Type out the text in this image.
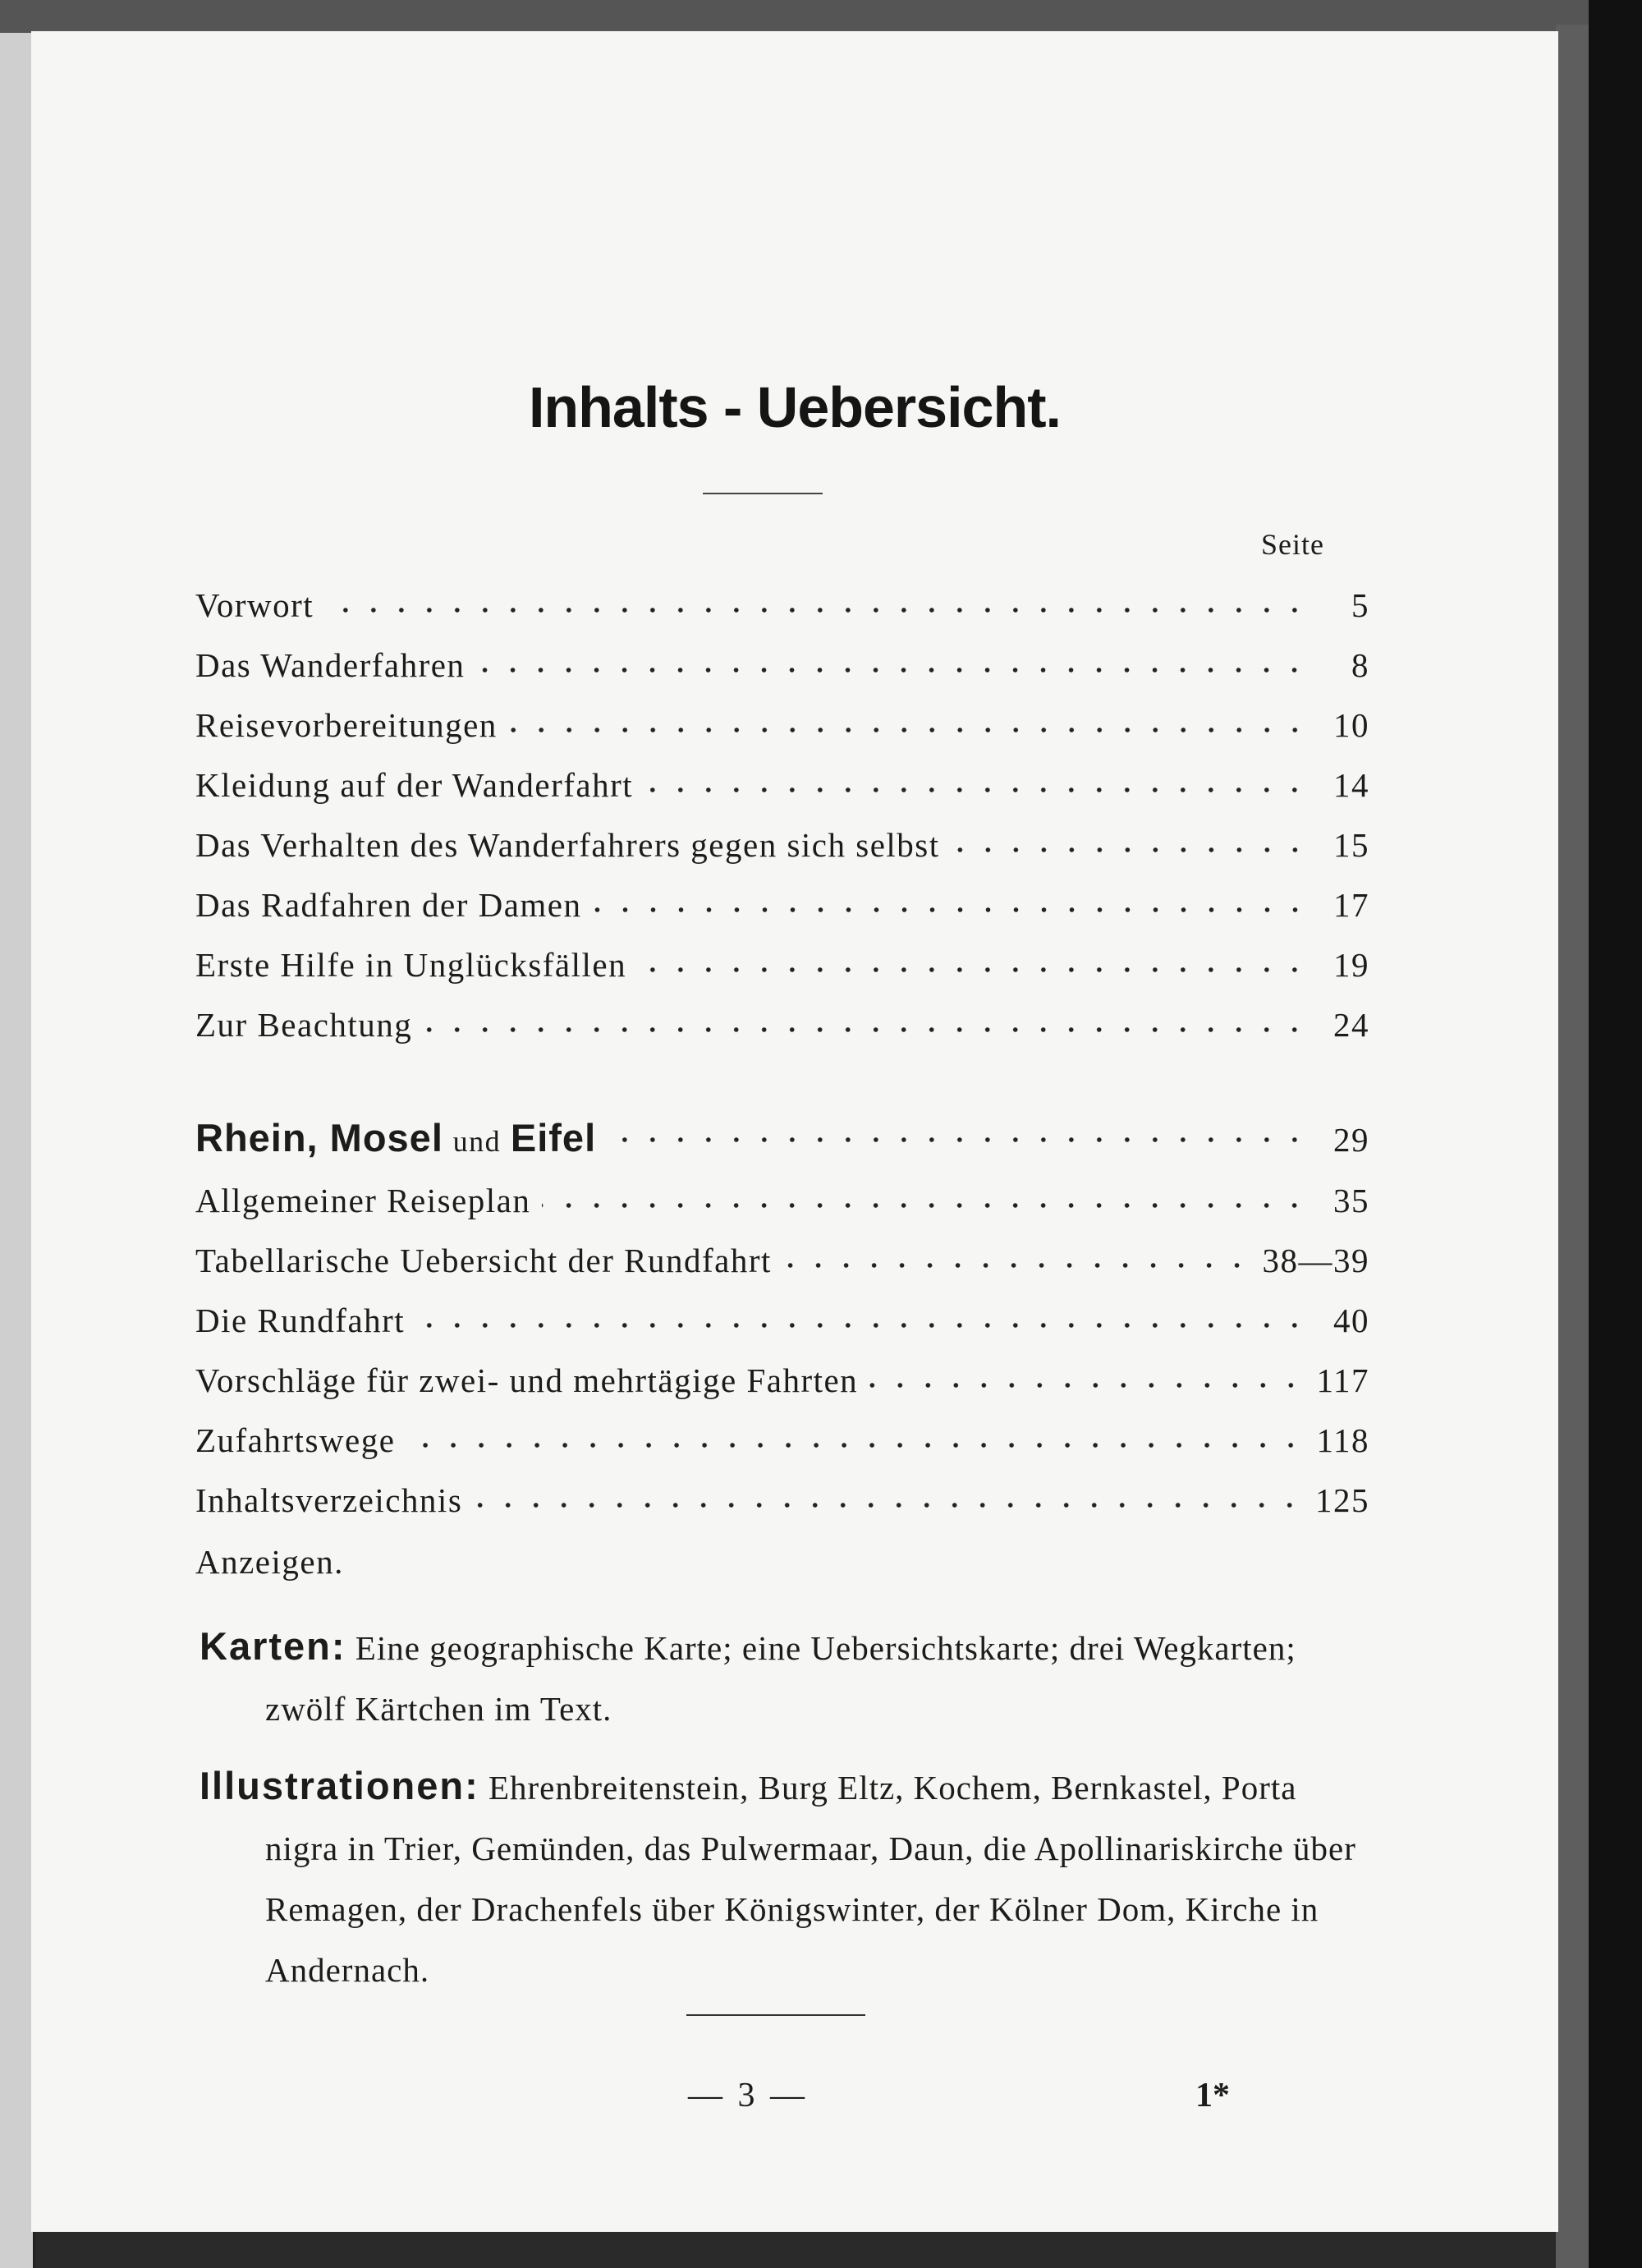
Inhalts - Uebersicht.
Seite
Vorwort	5
Das Wanderfahren	8
Reisevorbereitungen	10
Kleidung auf der Wanderfahrt	14
Das Verhalten des Wanderfahrers gegen sich selbst	15
Das Radfahren der Damen	17
Erste Hilfe in Unglücksfällen	19
Zur Beachtung	24
Rhein, Mosel und Eifel	29
Allgemeiner Reiseplan	35
Tabellarische Uebersicht der Rundfahrt	38—39
Die Rundfahrt	40
Vorschläge für zwei- und mehrtägige Fahrten	117
Zufahrtswege	118
Inhaltsverzeichnis	125
Anzeigen.
Karten: Eine geographische Karte; eine Uebersichtskarte; drei Wegkarten; zwölf Kärtchen im Text.
Illustrationen: Ehrenbreitenstein, Burg Eltz, Kochem, Bernkastel, Porta nigra in Trier, Gemünden, das Pulwermaar, Daun, die Apollinariskirche über Remagen, der Drachenfels über Königswinter, der Kölner Dom, Kirche in Andernach.
— 3 —	1*
